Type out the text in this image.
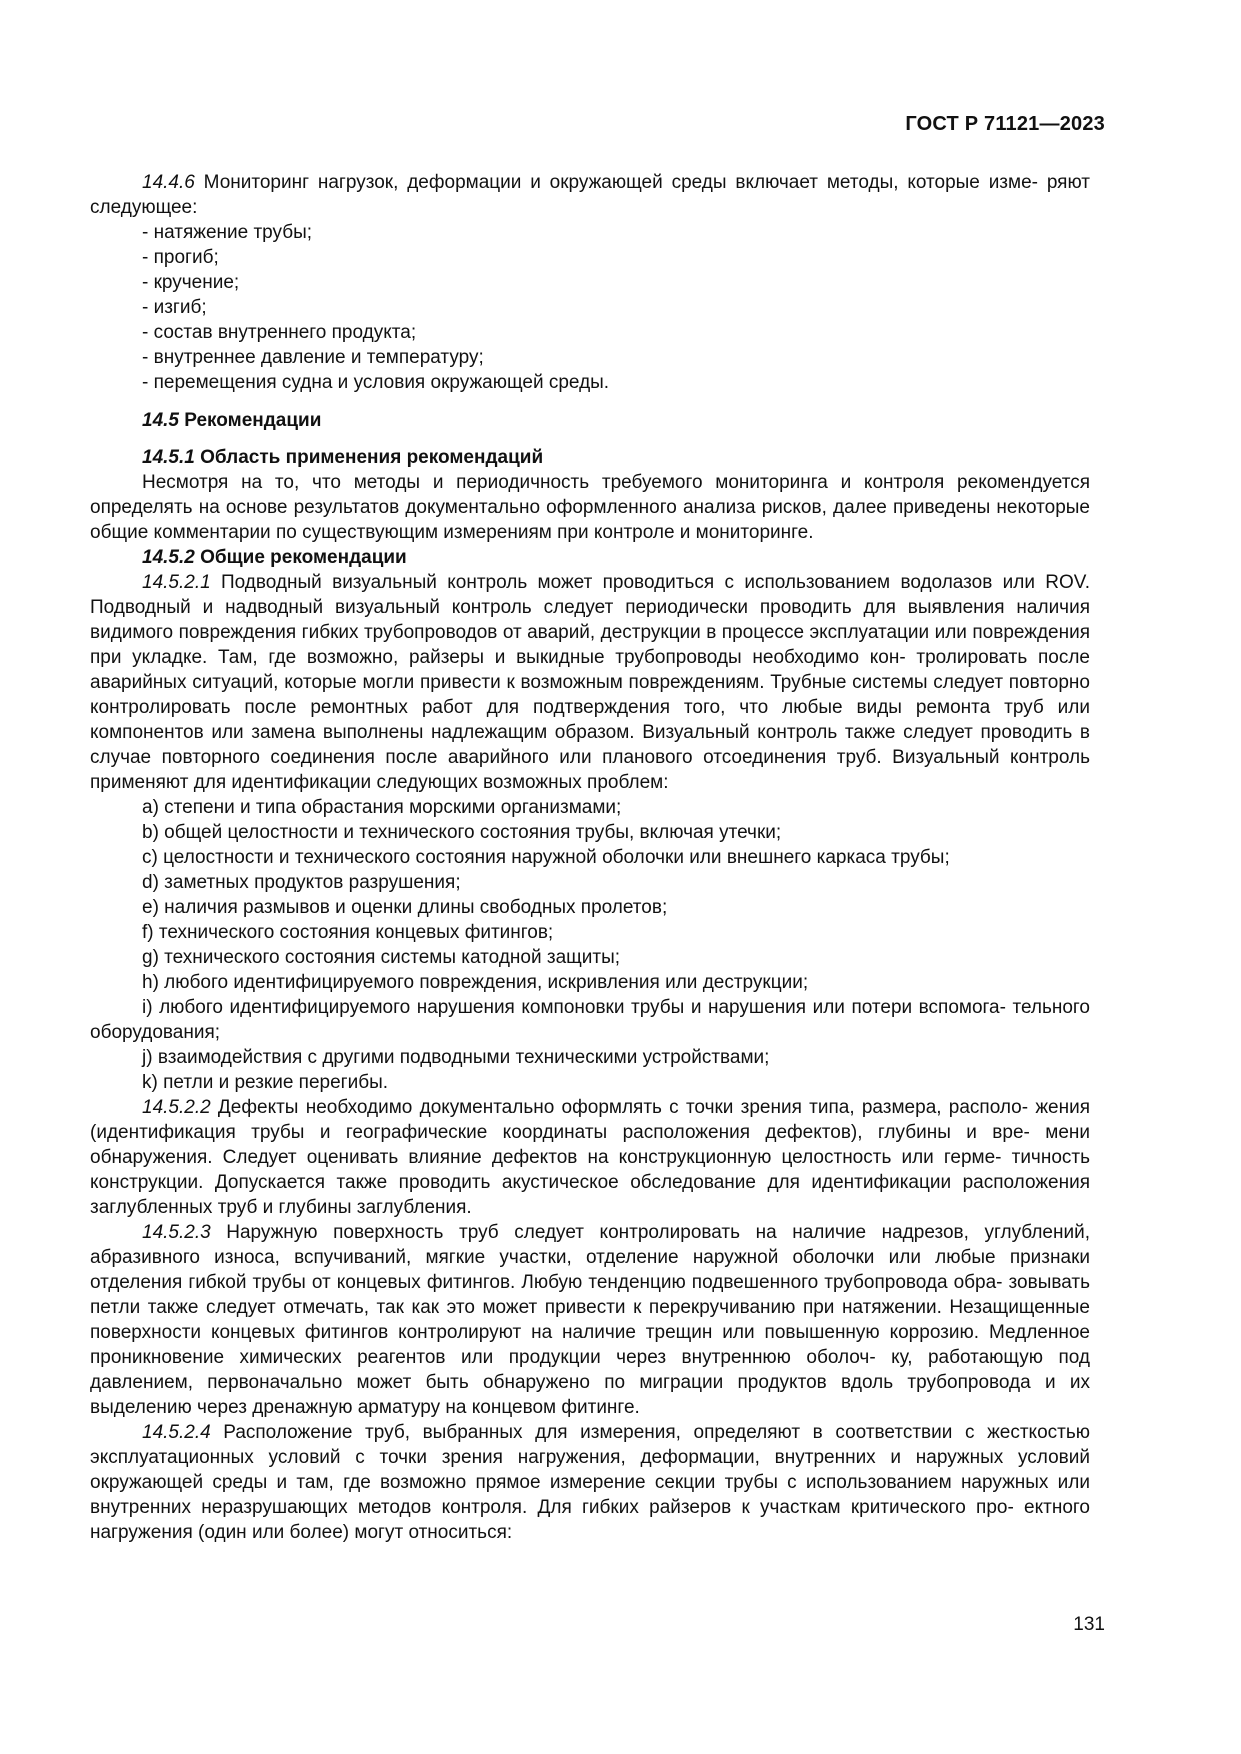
ГОСТ Р 71121—2023

14.4.6 Мониторинг нагрузок, деформации и окружающей среды включает методы, которые изме- ряют следующее:

- натяжение трубы;

- прогиб;

- кручение;

- изгиб;

- состав внутреннего продукта;

- внутреннее давление и температуру;

- перемещения судна и условия окружающей среды.

14.5 Рекомендации

14.5.1 Область применения рекомендаций

Несмотря на то, что методы и периодичность требуемого мониторинга и контроля рекомендуется определять на основе результатов документально оформленного анализа рисков, далее приведены некоторые общие комментарии по существующим измерениям при контроле и мониторинге.

14.5.2 Общие рекомендации

14.5.2.1 Подводный визуальный контроль может проводиться с использованием водолазов или ROV. Подводный и надводный визуальный контроль следует периодически проводить для выявления наличия видимого повреждения гибких трубопроводов от аварий, деструкции в процессе эксплуатации или повреждения при укладке. Там, где возможно, райзеры и выкидные трубопроводы необходимо кон- тролировать после аварийных ситуаций, которые могли привести к возможным повреждениям. Трубные системы следует повторно контролировать после ремонтных работ для подтверждения того, что любые виды ремонта труб или компонентов или замена выполнены надлежащим образом. Визуальный контроль также следует проводить в случае повторного соединения после аварийного или планового отсоединения труб. Визуальный контроль применяют для идентификации следующих возможных проблем:

a) степени и типа обрастания морскими организмами;

b) общей целостности и технического состояния трубы, включая утечки;

c) целостности и технического состояния наружной оболочки или внешнего каркаса трубы;

d) заметных продуктов разрушения;

e) наличия размывов и оценки длины свободных пролетов;

f) технического состояния концевых фитингов;

g) технического состояния системы катодной защиты;

h) любого идентифицируемого повреждения, искривления или деструкции;

i) любого идентифицируемого нарушения компоновки трубы и нарушения или потери вспомога- тельного оборудования;

j) взаимодействия с другими подводными техническими устройствами;

k) петли и резкие перегибы.

14.5.2.2 Дефекты необходимо документально оформлять с точки зрения типа, размера, располо- жения (идентификация трубы и географические координаты расположения дефектов), глубины и вре- мени обнаружения. Следует оценивать влияние дефектов на конструкционную целостность или герме- тичность конструкции. Допускается также проводить акустическое обследование для идентификации расположения заглубленных труб и глубины заглубления.

14.5.2.3 Наружную поверхность труб следует контролировать на наличие надрезов, углублений, абразивного износа, вспучиваний, мягкие участки, отделение наружной оболочки или любые признаки отделения гибкой трубы от концевых фитингов. Любую тенденцию подвешенного трубопровода обра- зовывать петли также следует отмечать, так как это может привести к перекручиванию при натяжении. Незащищенные поверхности концевых фитингов контролируют на наличие трещин или повышенную коррозию. Медленное проникновение химических реагентов или продукции через внутреннюю оболоч- ку, работающую под давлением, первоначально может быть обнаружено по миграции продуктов вдоль трубопровода и их выделению через дренажную арматуру на концевом фитинге.

14.5.2.4 Расположение труб, выбранных для измерения, определяют в соответствии с жесткостью эксплуатационных условий с точки зрения нагружения, деформации, внутренних и наружных условий окружающей среды и там, где возможно прямое измерение секции трубы с использованием наружных или внутренних неразрушающих методов контроля. Для гибких райзеров к участкам критического про- ектного нагружения (один или более) могут относиться:

131
